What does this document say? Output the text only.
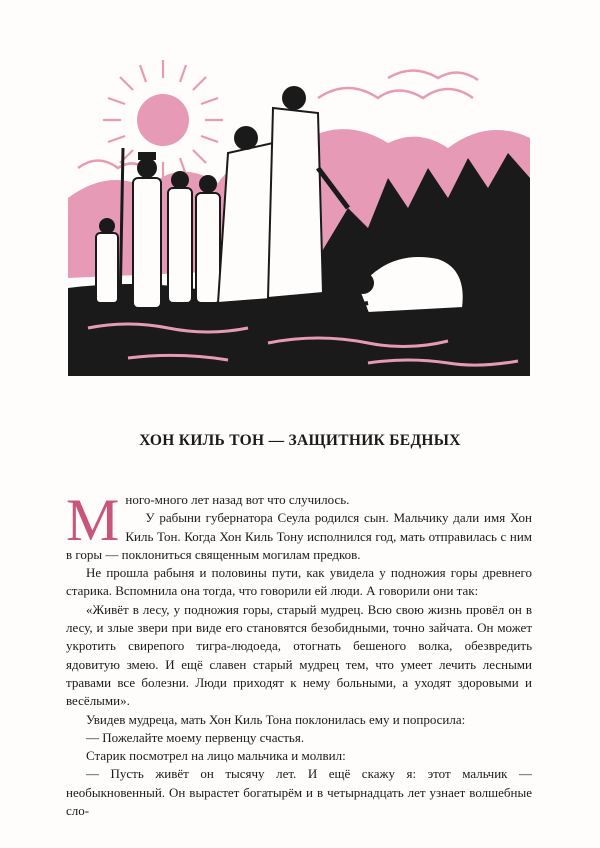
ХОН КИЛЬ ТОН — ЗАЩИТНИК БЕДНЫХ

Много-много лет назад вот что случилось.

У рабыни губернатора Сеула родился сын. Мальчику дали имя Хон Киль Тон. Когда Хон Киль Тону исполнился год, мать отправилась с ним в горы — поклониться священным могилам предков.

Не прошла рабыня и половины пути, как увидела у подножия горы древнего старика. Вспомнила она тогда, что говорили ей люди. А говорили они так:

«Живёт в лесу, у подножия горы, старый мудрец. Всю свою жизнь провёл он в лесу, и злые звери при виде его становятся безобидными, точно зайчата. Он может укротить свирепого тигра-людоеда, отогнать бешеного волка, обезвредить ядовитую змею. И ещё славен старый мудрец тем, что умеет лечить лесными травами все болезни. Люди приходят к нему больными, а уходят здоровыми и весёлыми».

Увидев мудреца, мать Хон Киль Тона поклонилась ему и попросила:

— Пожелайте моему первенцу счастья.

Старик посмотрел на лицо мальчика и молвил:

— Пусть живёт он тысячу лет. И ещё скажу я: этот мальчик — необыкновенный. Он вырастет богатырём и в четырнадцать лет узнает волшебные сло-
